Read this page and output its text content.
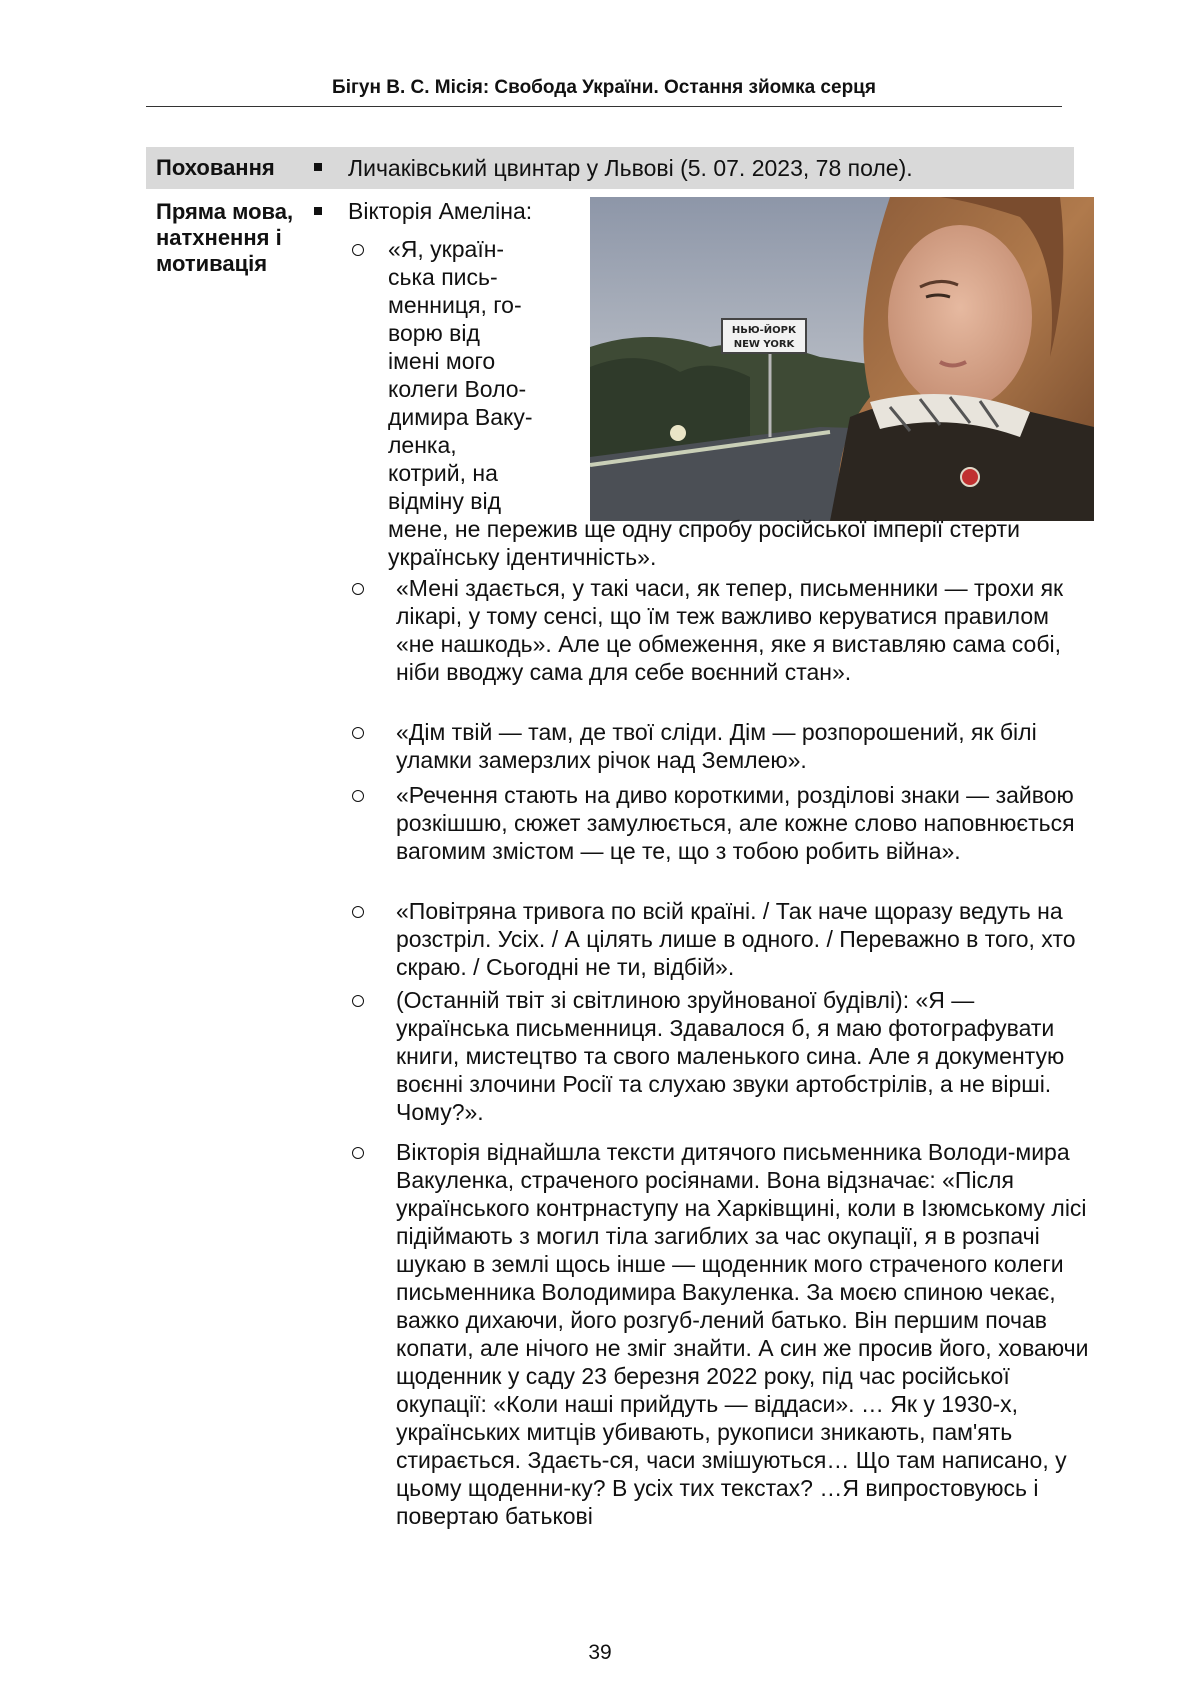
Бігун В. С. Місія: Свобода України. Остання зйомка серця
Поховання	Личаківський цвинтар у Львові (5. 07. 2023, 78 поле).
Пряма мова, натхнення і мотивація
Вікторія Амеліна:
НЬЮ-ЙОРК
NEW YORK
«Я, україн-
ська пись-
менниця, го-
ворю від
імені мого
колеги Воло-
димира Ваку-
ленка,
котрий, на
відміну від
мене, не пережив ще одну спробу російської імперії стерти українську ідентичність».
«Мені здається, у такі часи, як тепер, письменники — трохи як лікарі, у тому сенсі, що їм теж важливо керуватися правилом «не нашкодь». Але це обмеження, яке я виставляю сама собі, ніби вводжу сама для себе воєнний стан».
«Дім твій — там, де твої сліди. Дім — розпорошений, як білі уламки замерзлих річок над Землею».
«Речення стають на диво короткими, розділові знаки — зайвою розкішшю, сюжет замулюється, але кожне слово наповнюється вагомим змістом — це те, що з тобою робить війна».
«Повітряна тривога по всій країні. / Так наче щоразу ведуть на розстріл. Усіх. / А цілять лише в одного. / Переважно в того, хто скраю. / Сьогодні не ти, відбій».
(Останній твіт зі світлиною зруйнованої будівлі): «Я — українська письменниця. Здавалося б, я маю фотографувати книги, мистецтво та свого маленького сина. Але я документую воєнні злочини Росії та слухаю звуки артобстрілів, а не вірші. Чому?».
Вікторія віднайшла тексти дитячого письменника Володи-мира Вакуленка, страченого росіянами. Вона відзначає: «Після українського контрнаступу на Харківщині, коли в Ізюмському лісі підіймають з могил тіла загиблих за час окупації, я в розпачі шукаю в землі щось інше — щоденник мого страченого колеги письменника Володимира Вакуленка. За моєю спиною чекає, важко дихаючи, його розгуб-лений батько. Він першим почав копати, але нічого не зміг знайти. А син же просив його, ховаючи щоденник у саду 23 березня 2022 року, під час російської окупації: «Коли наші прийдуть — віддаси». … Як у 1930-х, українських митців убивають, рукописи зникають, пам'ять стирається. Здаєть-ся, часи змішуються… Що там написано, у цьому щоденни-ку? В усіх тих текстах? …Я випростовуюсь і повертаю батькові
39
